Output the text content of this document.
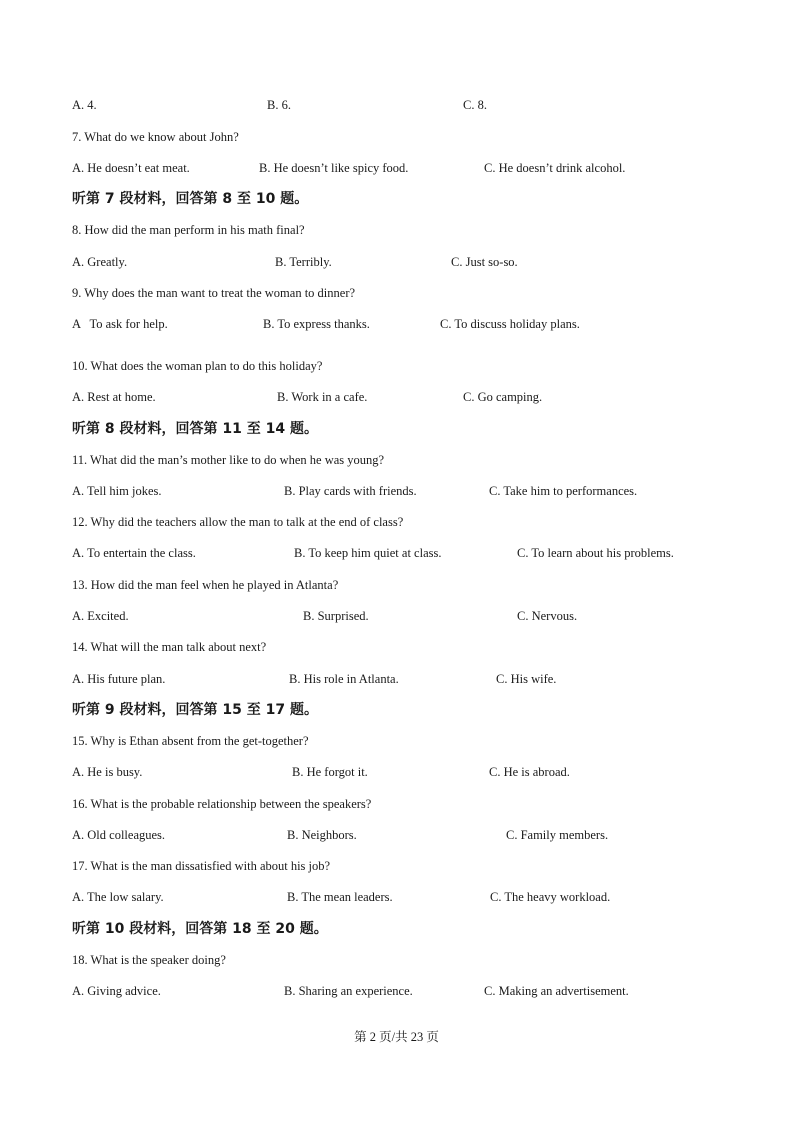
A. 4.	B. 6.	C. 8.
7. What do we know about John?
A. He doesn’t eat meat.	B. He doesn’t like spicy food.	C. He doesn’t drink alcohol.
听第 7 段材料，回答第 8 至 10 题。
8. How did the man perform in his math final?
A. Greatly.	B. Terribly.	C. Just so-so.
9. Why does the man want to treat the woman to dinner?
A   To ask for help.	B. To express thanks.	C. To discuss holiday plans.
10. What does the woman plan to do this holiday?
A. Rest at home.	B. Work in a cafe.	C. Go camping.
听第 8 段材料，回答第 11 至 14 题。
11. What did the man’s mother like to do when he was young?
A. Tell him jokes.	B. Play cards with friends.	C. Take him to performances.
12. Why did the teachers allow the man to talk at the end of class?
A. To entertain the class.	B. To keep him quiet at class.	C. To learn about his problems.
13. How did the man feel when he played in Atlanta?
A. Excited.	B. Surprised.	C. Nervous.
14. What will the man talk about next?
A. His future plan.	B. His role in Atlanta.	C. His wife.
听第 9 段材料，回答第 15 至 17 题。
15. Why is Ethan absent from the get-together?
A. He is busy.	B. He forgot it.	C. He is abroad.
16. What is the probable relationship between the speakers?
A. Old colleagues.	B. Neighbors.	C. Family members.
17. What is the man dissatisfied with about his job?
A. The low salary.	B. The mean leaders.	C. The heavy workload.
听第 10 段材料，回答第 18 至 20 题。
18. What is the speaker doing?
A. Giving advice.	B. Sharing an experience.	C. Making an advertisement.
第 2 页/共 23 页
